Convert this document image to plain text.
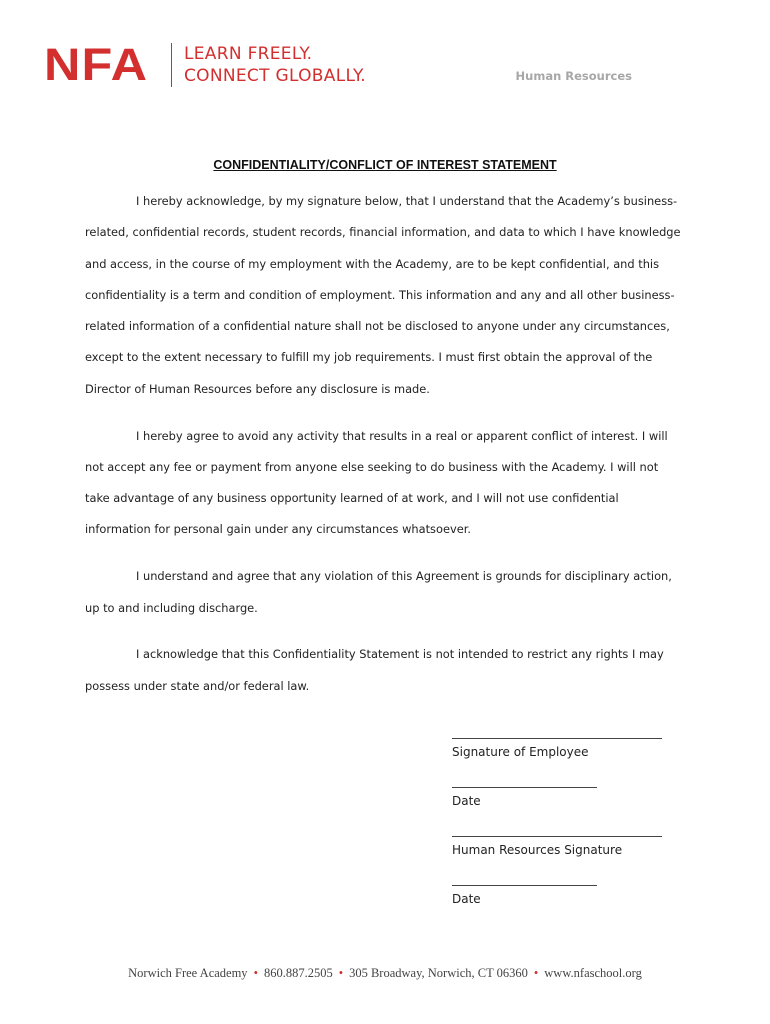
NFA	LEARN FREELY.
CONNECT GLOBALLY.	Human Resources
CONFIDENTIALITY/CONFLICT OF INTEREST STATEMENT

I hereby acknowledge, by my signature below, that I understand that the Academy’s business-related, confidential records, student records, financial information, and data to which I have knowledge and access, in the course of my employment with the Academy, are to be kept confidential, and this confidentiality is a term and condition of employment. This information and any and all other business-related information of a confidential nature shall not be disclosed to anyone under any circumstances, except to the extent necessary to fulfill my job requirements. I must first obtain the approval of the Director of Human Resources before any disclosure is made.

I hereby agree to avoid any activity that results in a real or apparent conflict of interest. I will not accept any fee or payment from anyone else seeking to do business with the Academy. I will not take advantage of any business opportunity learned of at work, and I will not use confidential information for personal gain under any circumstances whatsoever.

I understand and agree that any violation of this Agreement is grounds for disciplinary action, up to and including discharge.

I acknowledge that this Confidentiality Statement is not intended to restrict any rights I may possess under state and/or federal law.

Signature of Employee
Date
Human Resources Signature
Date
Norwich Free Academy • 860.887.2505 • 305 Broadway, Norwich, CT 06360 • www.nfaschool.org
